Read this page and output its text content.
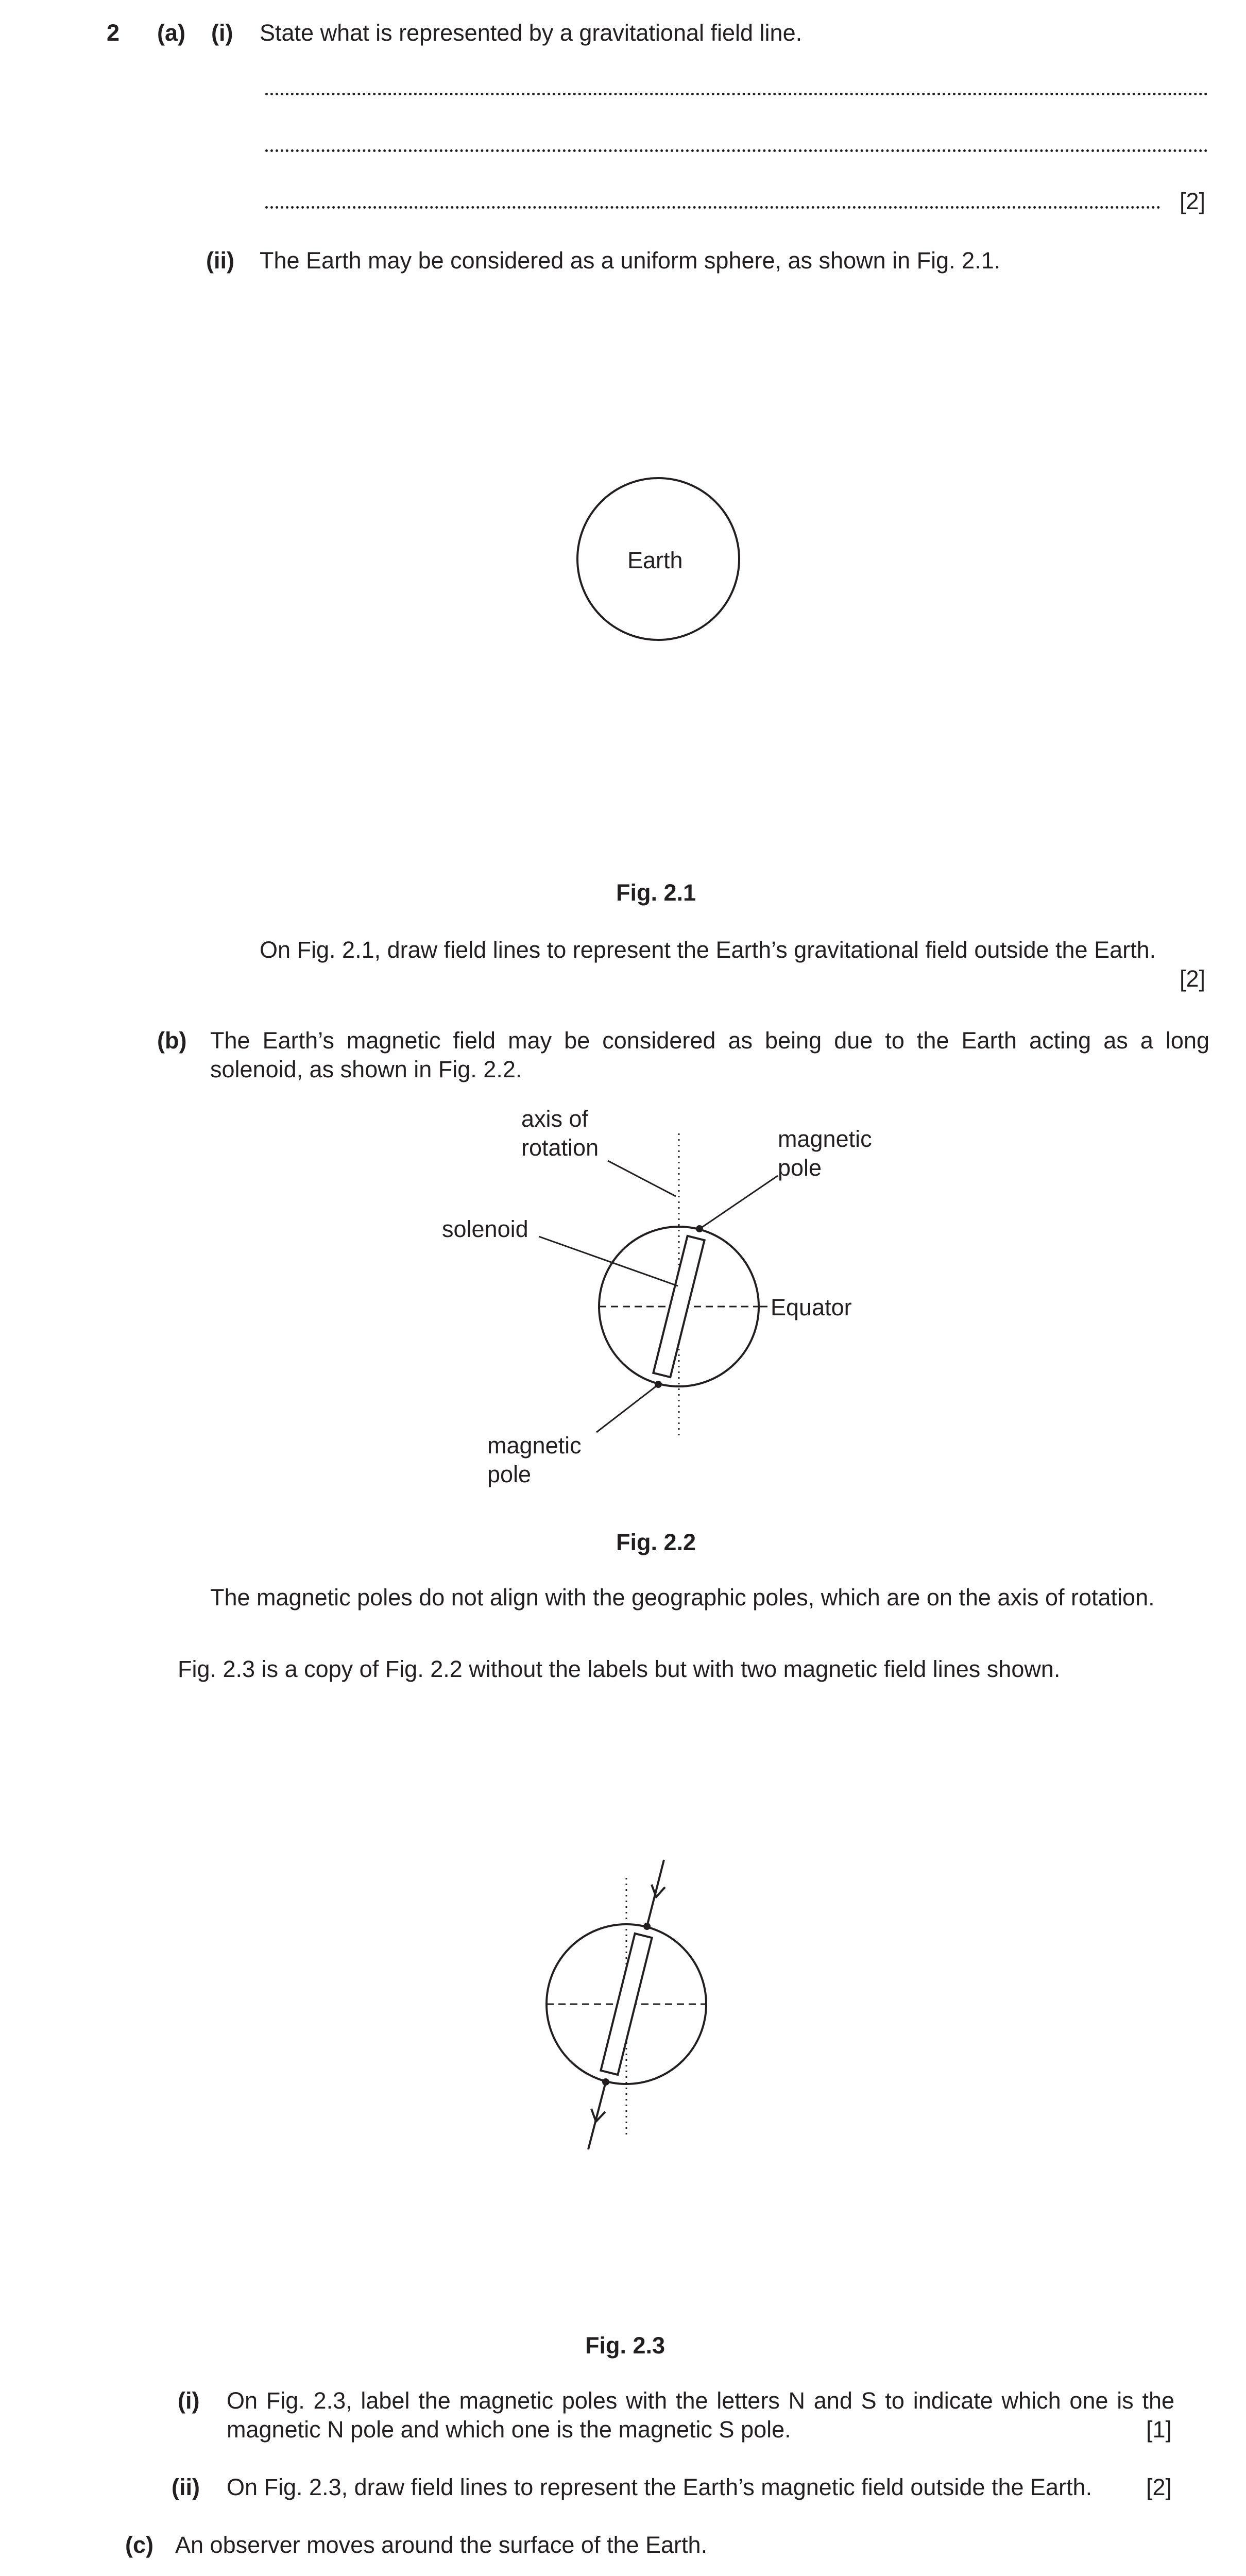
2 (a) (i) State what is represented by a gravitational field line.
[2]
(ii) The Earth may be considered as a uniform sphere, as shown in Fig. 2.1.
Earth
Fig. 2.1
On Fig. 2.1, draw field lines to represent the Earth’s gravitational field outside the Earth.
[2]
(b) The Earth’s magnetic field may be considered as being due to the Earth acting as a long solenoid, as shown in Fig. 2.2.
axis of
rotation	magnetic
pole
solenoid
Equator
magnetic
pole
Fig. 2.2
The magnetic poles do not align with the geographic poles, which are on the axis of rotation.
Fig. 2.3 is a copy of Fig. 2.2 without the labels but with two magnetic field lines shown.
Fig. 2.3
(i) On Fig. 2.3, label the magnetic poles with the letters N and S to indicate which one is the magnetic N pole and which one is the magnetic S pole.	[1]
(ii) On Fig. 2.3, draw field lines to represent the Earth’s magnetic field outside the Earth. [2]
(c) An observer moves around the surface of the Earth.
